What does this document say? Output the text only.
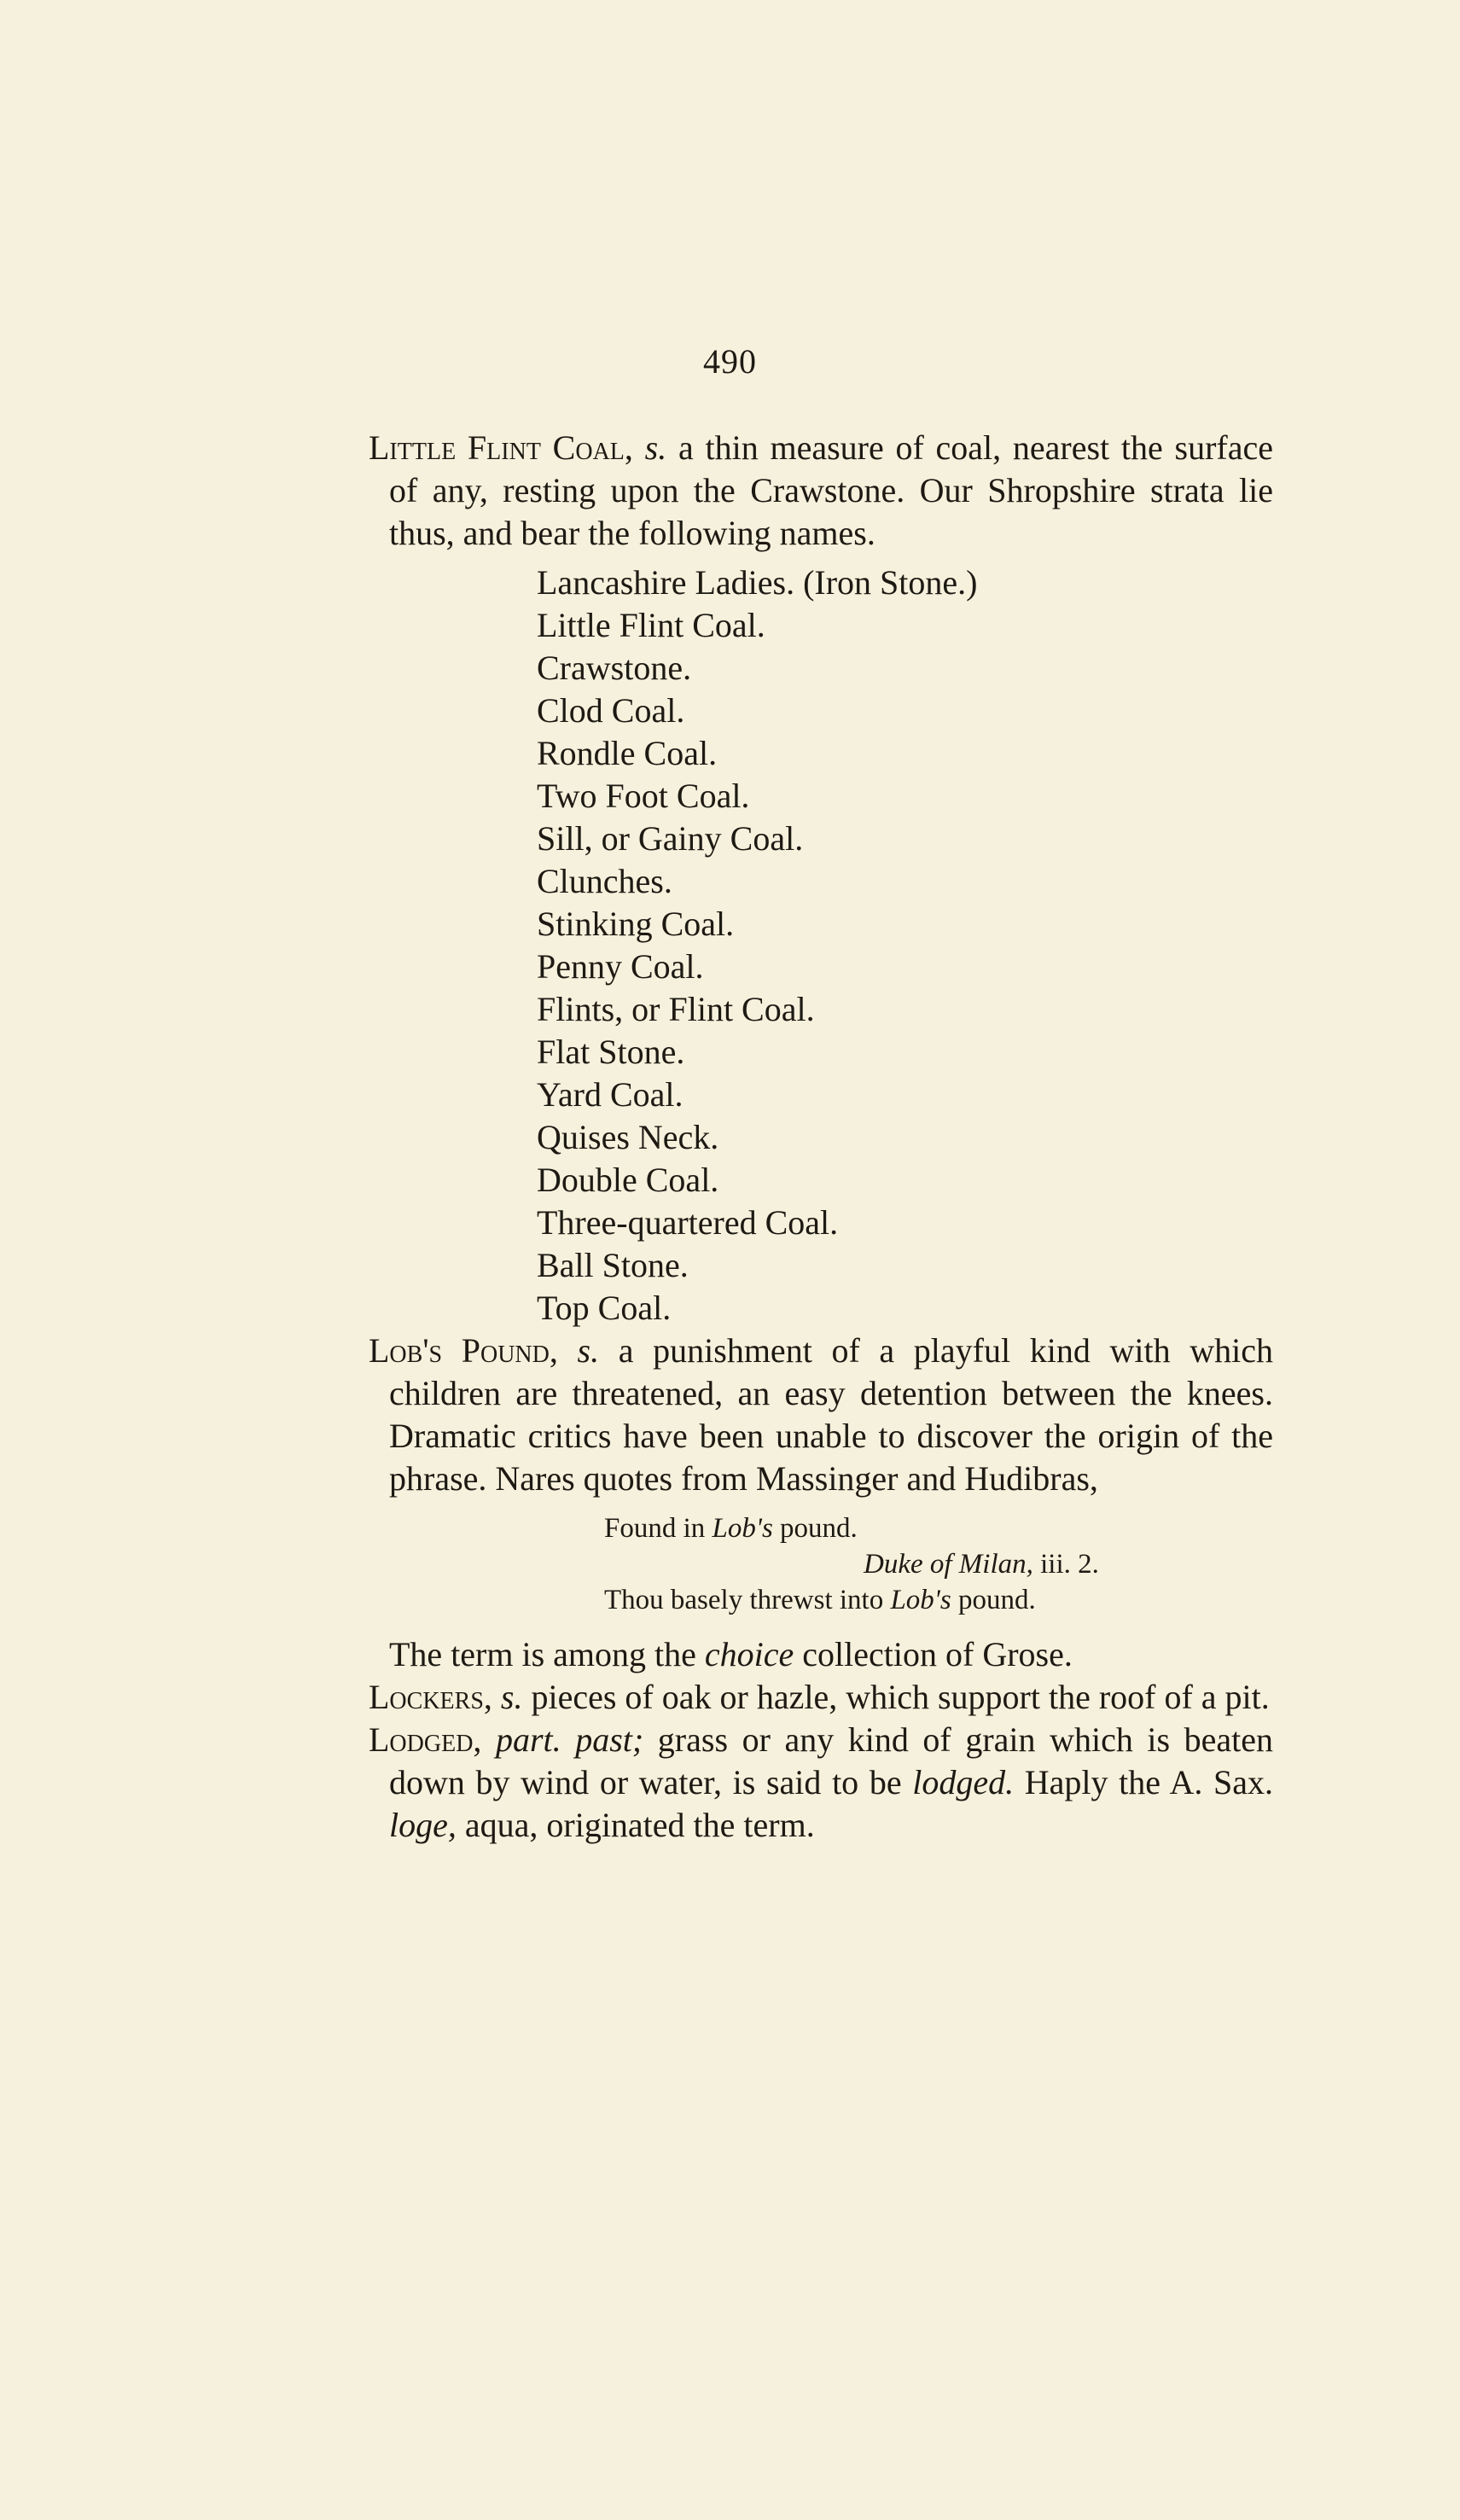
490

Little Flint Coal, s. a thin measure of coal, nearest the surface of any, resting upon the Crawstone. Our Shropshire strata lie thus, and bear the following names.

Lancashire Ladies. (Iron Stone.)
Little Flint Coal.
Crawstone.
Clod Coal.
Rondle Coal.
Two Foot Coal.
Sill, or Gainy Coal.
Clunches.
Stinking Coal.
Penny Coal.
Flints, or Flint Coal.
Flat Stone.
Yard Coal.
Quises Neck.
Double Coal.
Three-quartered Coal.
Ball Stone.
Top Coal.

Lob's Pound, s. a punishment of a playful kind with which children are threatened, an easy detention between the knees. Dramatic critics have been unable to discover the origin of the phrase. Nares quotes from Massinger and Hudibras,

Found in Lob's pound.
Duke of Milan, iii. 2.
Thou basely threwst into Lob's pound.

The term is among the choice collection of Grose.

Lockers, s. pieces of oak or hazle, which support the roof of a pit.

Lodged, part. past; grass or any kind of grain which is beaten down by wind or water, is said to be lodged. Haply the A. Sax. loge, aqua, originated the term.
